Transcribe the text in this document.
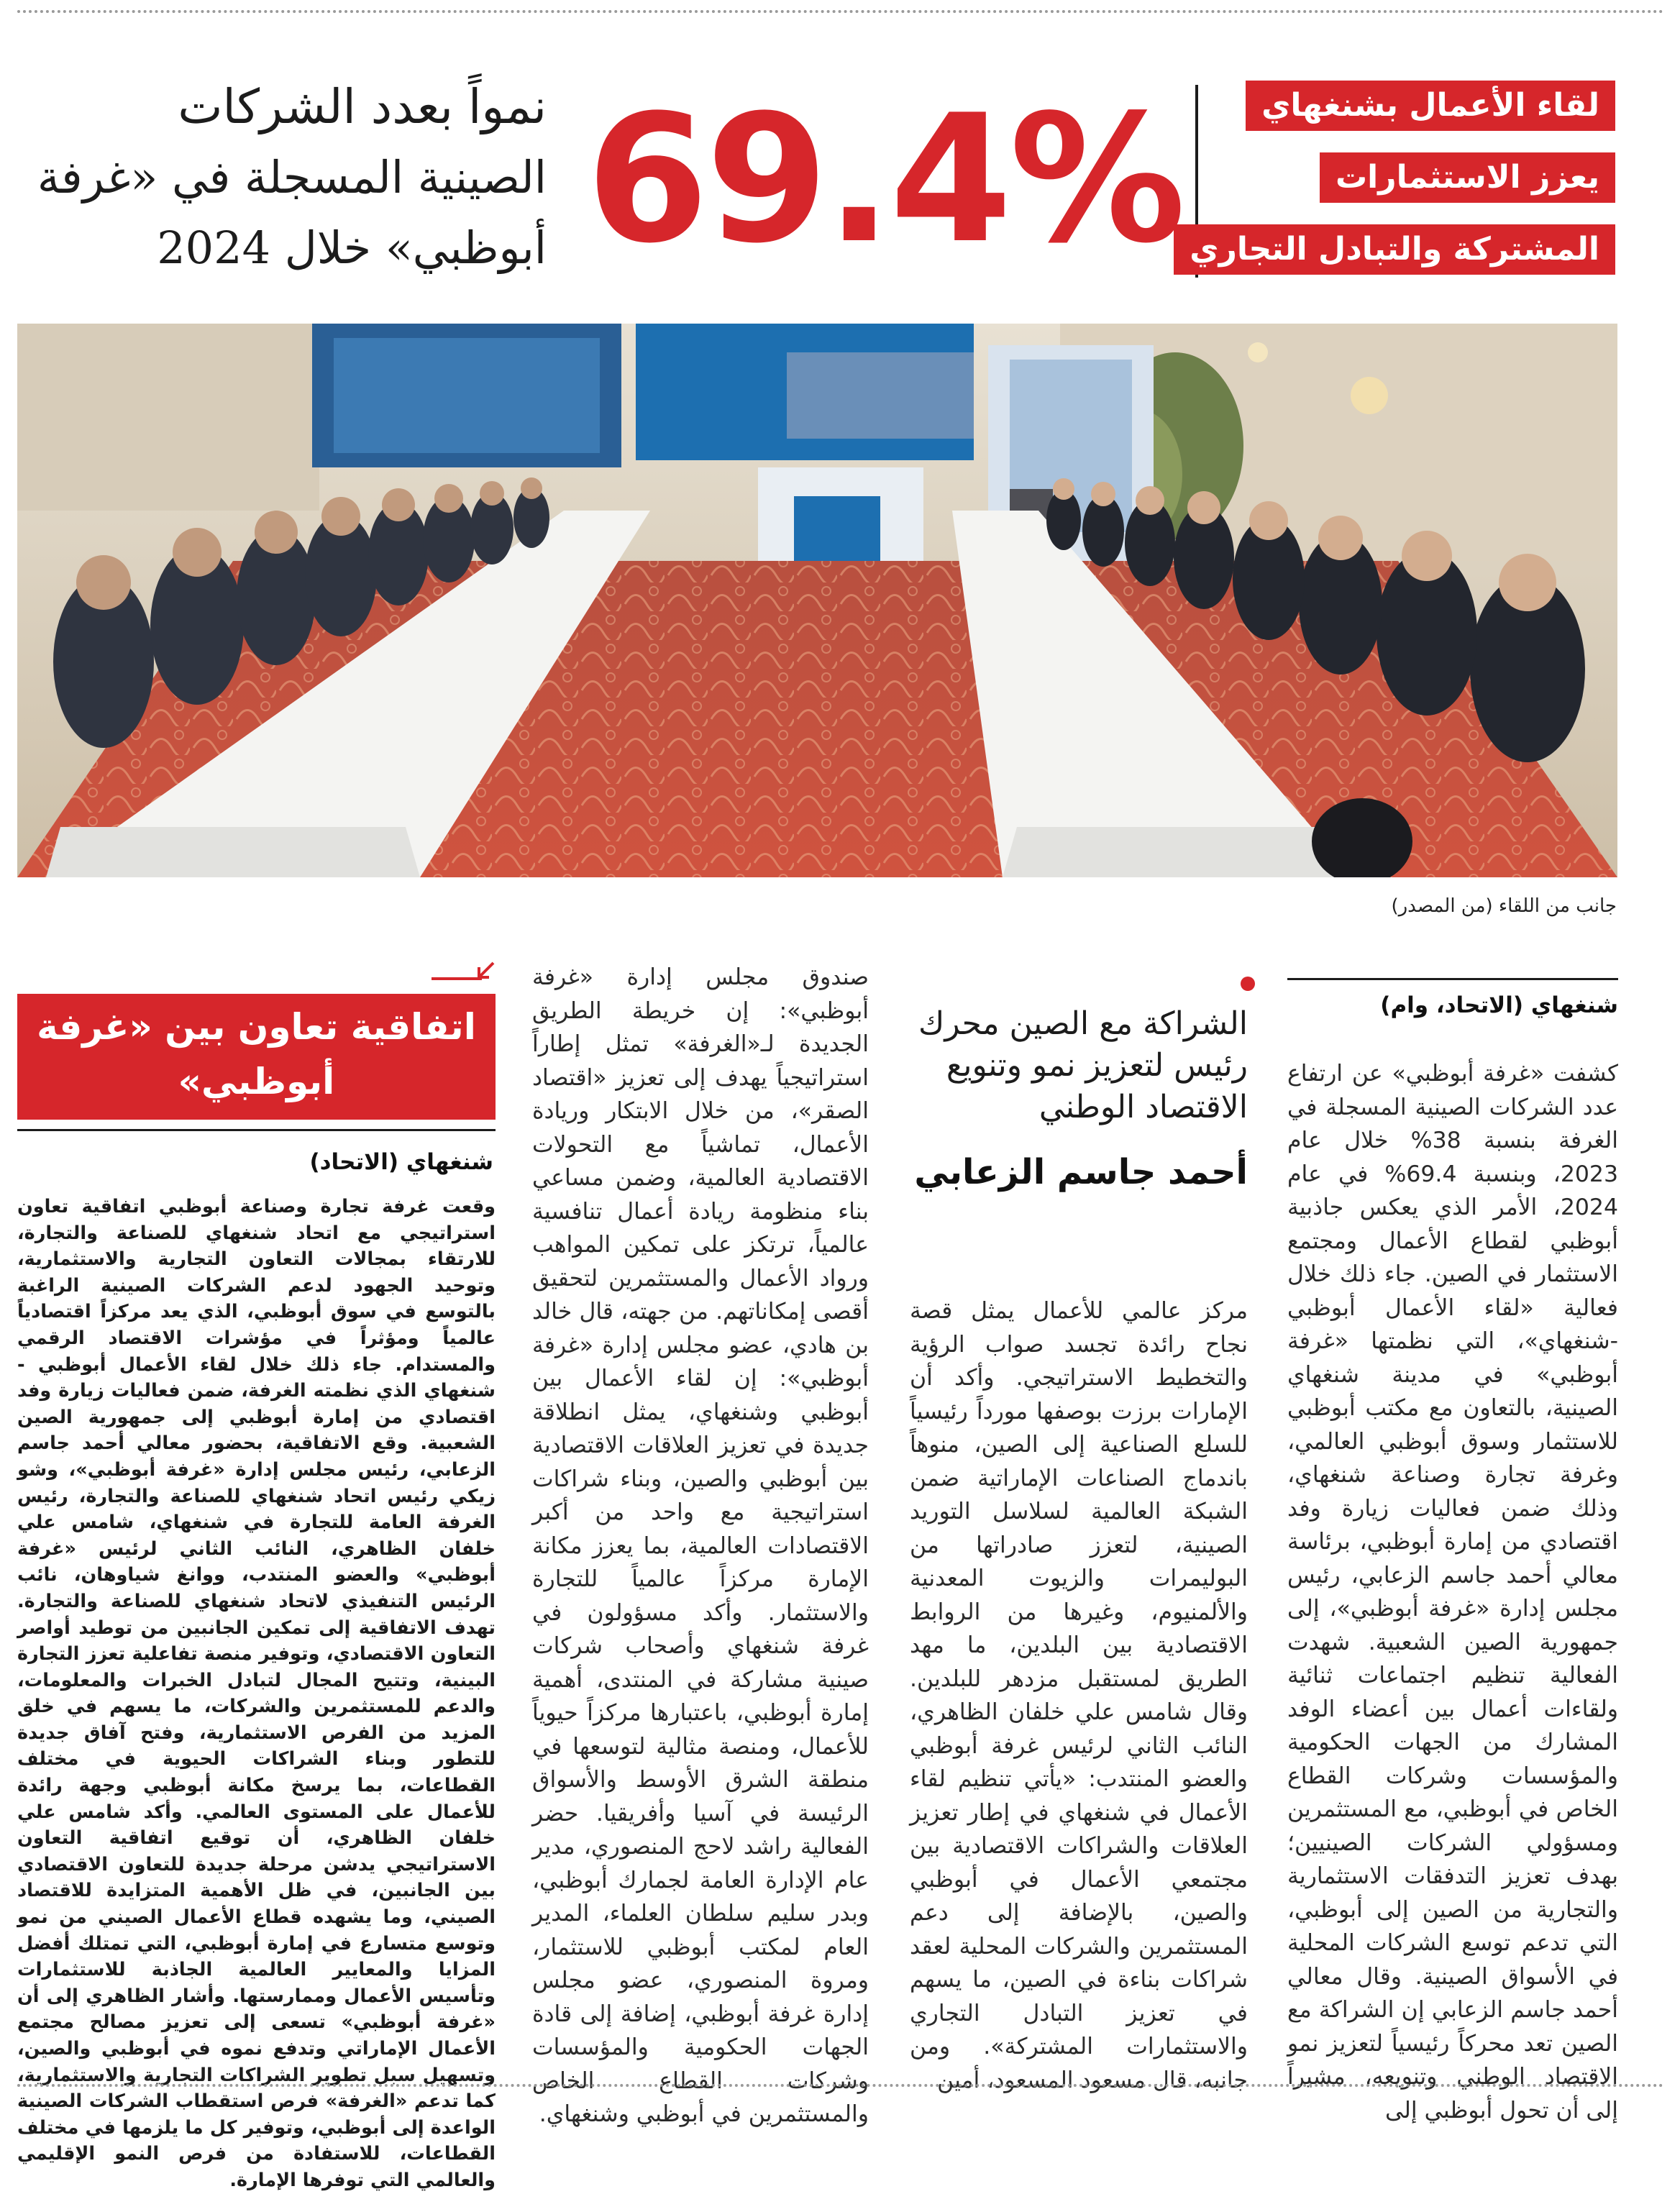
لقاء الأعمال بشنغهاي
يعزز الاستثمارات
المشتركة والتبادل التجاري
69.4%
نمواً بعدد الشركات
الصينية المسجلة في «غرفة
أبوظبي» خلال 2024
جانب من اللقاء (من المصدر)
اتفاقية تعاون بين «غرفة أبوظبي»
واتحاد شنغهاي للصناعة
شنغهاي (الاتحاد)
وقعت غرفة تجارة وصناعة أبوظبي اتفاقية تعاون استراتيجي مع اتحاد شنغهاي للصناعة والتجارة، للارتقاء بمجالات التعاون التجارية والاستثمارية، وتوحيد الجهود لدعم الشركات الصينية الراغبة بالتوسع في سوق أبوظبي، الذي يعد مركزاً اقتصادياً عالمياً ومؤثراً في مؤشرات الاقتصاد الرقمي والمستدام. جاء ذلك خلال لقاء الأعمال أبوظبي - شنغهاي الذي نظمته الغرفة، ضمن فعاليات زيارة وفد اقتصادي من إمارة أبوظبي إلى جمهورية الصين الشعبية. وقع الاتفاقية، بحضور معالي أحمد جاسم الزعابي، رئيس مجلس إدارة «غرفة أبوظبي»، وشو زيكي رئيس اتحاد شنغهاي للصناعة والتجارة، رئيس الغرفة العامة للتجارة في شنغهاي، شامس علي خلفان الظاهري، النائب الثاني لرئيس «غرفة أبوظبي» والعضو المنتدب، ووانغ شياوهان، نائب الرئيس التنفيذي لاتحاد شنغهاي للصناعة والتجارة. تهدف الاتفاقية إلى تمكين الجانبين من توطيد أواصر التعاون الاقتصادي، وتوفير منصة تفاعلية تعزز التجارة البينية، وتتيح المجال لتبادل الخبرات والمعلومات، والدعم للمستثمرين والشركات، ما يسهم في خلق المزيد من الفرص الاستثمارية، وفتح آفاق جديدة للتطور وبناء الشراكات الحيوية في مختلف القطاعات، بما يرسخ مكانة أبوظبي وجهة رائدة للأعمال على المستوى العالمي. وأكد شامس علي خلفان الظاهري، أن توقيع اتفاقية التعاون الاستراتيجي يدشن مرحلة جديدة للتعاون الاقتصادي بين الجانبين، في ظل الأهمية المتزايدة للاقتصاد الصيني، وما يشهده قطاع الأعمال الصيني من نمو وتوسع متسارع في إمارة أبوظبي، التي تمتلك أفضل المزايا والمعايير العالمية الجاذبة للاستثمارات وتأسيس الأعمال وممارستها. وأشار الظاهري إلى أن «غرفة أبوظبي» تسعى إلى تعزيز مصالح مجتمع الأعمال الإماراتي وتدفع نموه في أبوظبي والصين، وتسهيل سبل تطوير الشراكات التجارية والاستثمارية، كما تدعم «الغرفة» فرص استقطاب الشركات الصينية الواعدة إلى أبوظبي، وتوفير كل ما يلزمها في مختلف القطاعات، للاستفادة من فرص النمو الإقليمي والعالمي التي توفرها الإمارة.
صندوق مجلس إدارة «غرفة أبوظبي»: إن خريطة الطريق الجديدة لـ«الغرفة» تمثل إطاراً استراتيجياً يهدف إلى تعزيز «اقتصاد الصقر»، من خلال الابتكار وريادة الأعمال، تماشياً مع التحولات الاقتصادية العالمية، وضمن مساعي بناء منظومة ريادة أعمال تنافسية عالمياً، ترتكز على تمكين المواهب ورواد الأعمال والمستثمرين لتحقيق أقصى إمكاناتهم. من جهته، قال خالد بن هادي، عضو مجلس إدارة «غرفة أبوظبي»: إن لقاء الأعمال بين أبوظبي وشنغهاي، يمثل انطلاقة جديدة في تعزيز العلاقات الاقتصادية بين أبوظبي والصين، وبناء شراكات استراتيجية مع واحد من أكبر الاقتصادات العالمية، بما يعزز مكانة الإمارة مركزاً عالمياً للتجارة والاستثمار. وأكد مسؤولون في غرفة شنغهاي وأصحاب شركات صينية مشاركة في المنتدى، أهمية إمارة أبوظبي، باعتبارها مركزاً حيوياً للأعمال، ومنصة مثالية لتوسعها في منطقة الشرق الأوسط والأسواق الرئيسة في آسيا وأفريقيا. حضر الفعالية راشد لاحج المنصوري، مدير عام الإدارة العامة لجمارك أبوظبي، وبدر سليم سلطان العلماء، المدير العام لمكتب أبوظبي للاستثمار، ومروة المنصوري، عضو مجلس إدارة غرفة أبوظبي، إضافة إلى قادة الجهات الحكومية والمؤسسات وشركات القطاع الخاص والمستثمرين في أبوظبي وشنغهاي.
الشراكة مع الصين محرك رئيس لتعزيز نمو وتنويع الاقتصاد الوطني
أحمد جاسم الزعابي
مركز عالمي للأعمال يمثل قصة نجاح رائدة تجسد صواب الرؤية والتخطيط الاستراتيجي. وأكد أن الإمارات برزت بوصفها مورداً رئيسياً للسلع الصناعية إلى الصين، منوهاً باندماج الصناعات الإماراتية ضمن الشبكة العالمية لسلاسل التوريد الصينية، لتعزز صادراتها من البوليمرات والزيوت المعدنية والألمنيوم، وغيرها من الروابط الاقتصادية بين البلدين، ما مهد الطريق لمستقبل مزدهر للبلدين. وقال شامس علي خلفان الظاهري، النائب الثاني لرئيس غرفة أبوظبي والعضو المنتدب: «يأتي تنظيم لقاء الأعمال في شنغهاي في إطار تعزيز العلاقات والشراكات الاقتصادية بين مجتمعي الأعمال في أبوظبي والصين، بالإضافة إلى دعم المستثمرين والشركات المحلية لعقد شراكات بناءة في الصين، ما يسهم في تعزيز التبادل التجاري والاستثمارات المشتركة». ومن جانبه، قال مسعود المسعود، أمين
شنغهاي (الاتحاد، وام)
كشفت «غرفة أبوظبي» عن ارتفاع عدد الشركات الصينية المسجلة في الغرفة بنسبة 38% خلال عام 2023، وبنسبة 69.4% في عام 2024، الأمر الذي يعكس جاذبية أبوظبي لقطاع الأعمال ومجتمع الاستثمار في الصين. جاء ذلك خلال فعالية «لقاء الأعمال أبوظبي -شنغهاي»، التي نظمتها «غرفة أبوظبي» في مدينة شنغهاي الصينية، بالتعاون مع مكتب أبوظبي للاستثمار وسوق أبوظبي العالمي، وغرفة تجارة وصناعة شنغهاي، وذلك ضمن فعاليات زيارة وفد اقتصادي من إمارة أبوظبي، برئاسة معالي أحمد جاسم الزعابي، رئيس مجلس إدارة «غرفة أبوظبي»، إلى جمهورية الصين الشعبية. شهدت الفعالية تنظيم اجتماعات ثنائية ولقاءات أعمال بين أعضاء الوفد المشارك من الجهات الحكومية والمؤسسات وشركات القطاع الخاص في أبوظبي، مع المستثمرين ومسؤولي الشركات الصينيين؛ بهدف تعزيز التدفقات الاستثمارية والتجارية من الصين إلى أبوظبي، التي تدعم توسع الشركات المحلية في الأسواق الصينية. وقال معالي أحمد جاسم الزعابي إن الشراكة مع الصين تعد محركاً رئيسياً لتعزيز نمو الاقتصاد الوطني وتنويعه، مشيراً إلى أن تحول أبوظبي إلى
